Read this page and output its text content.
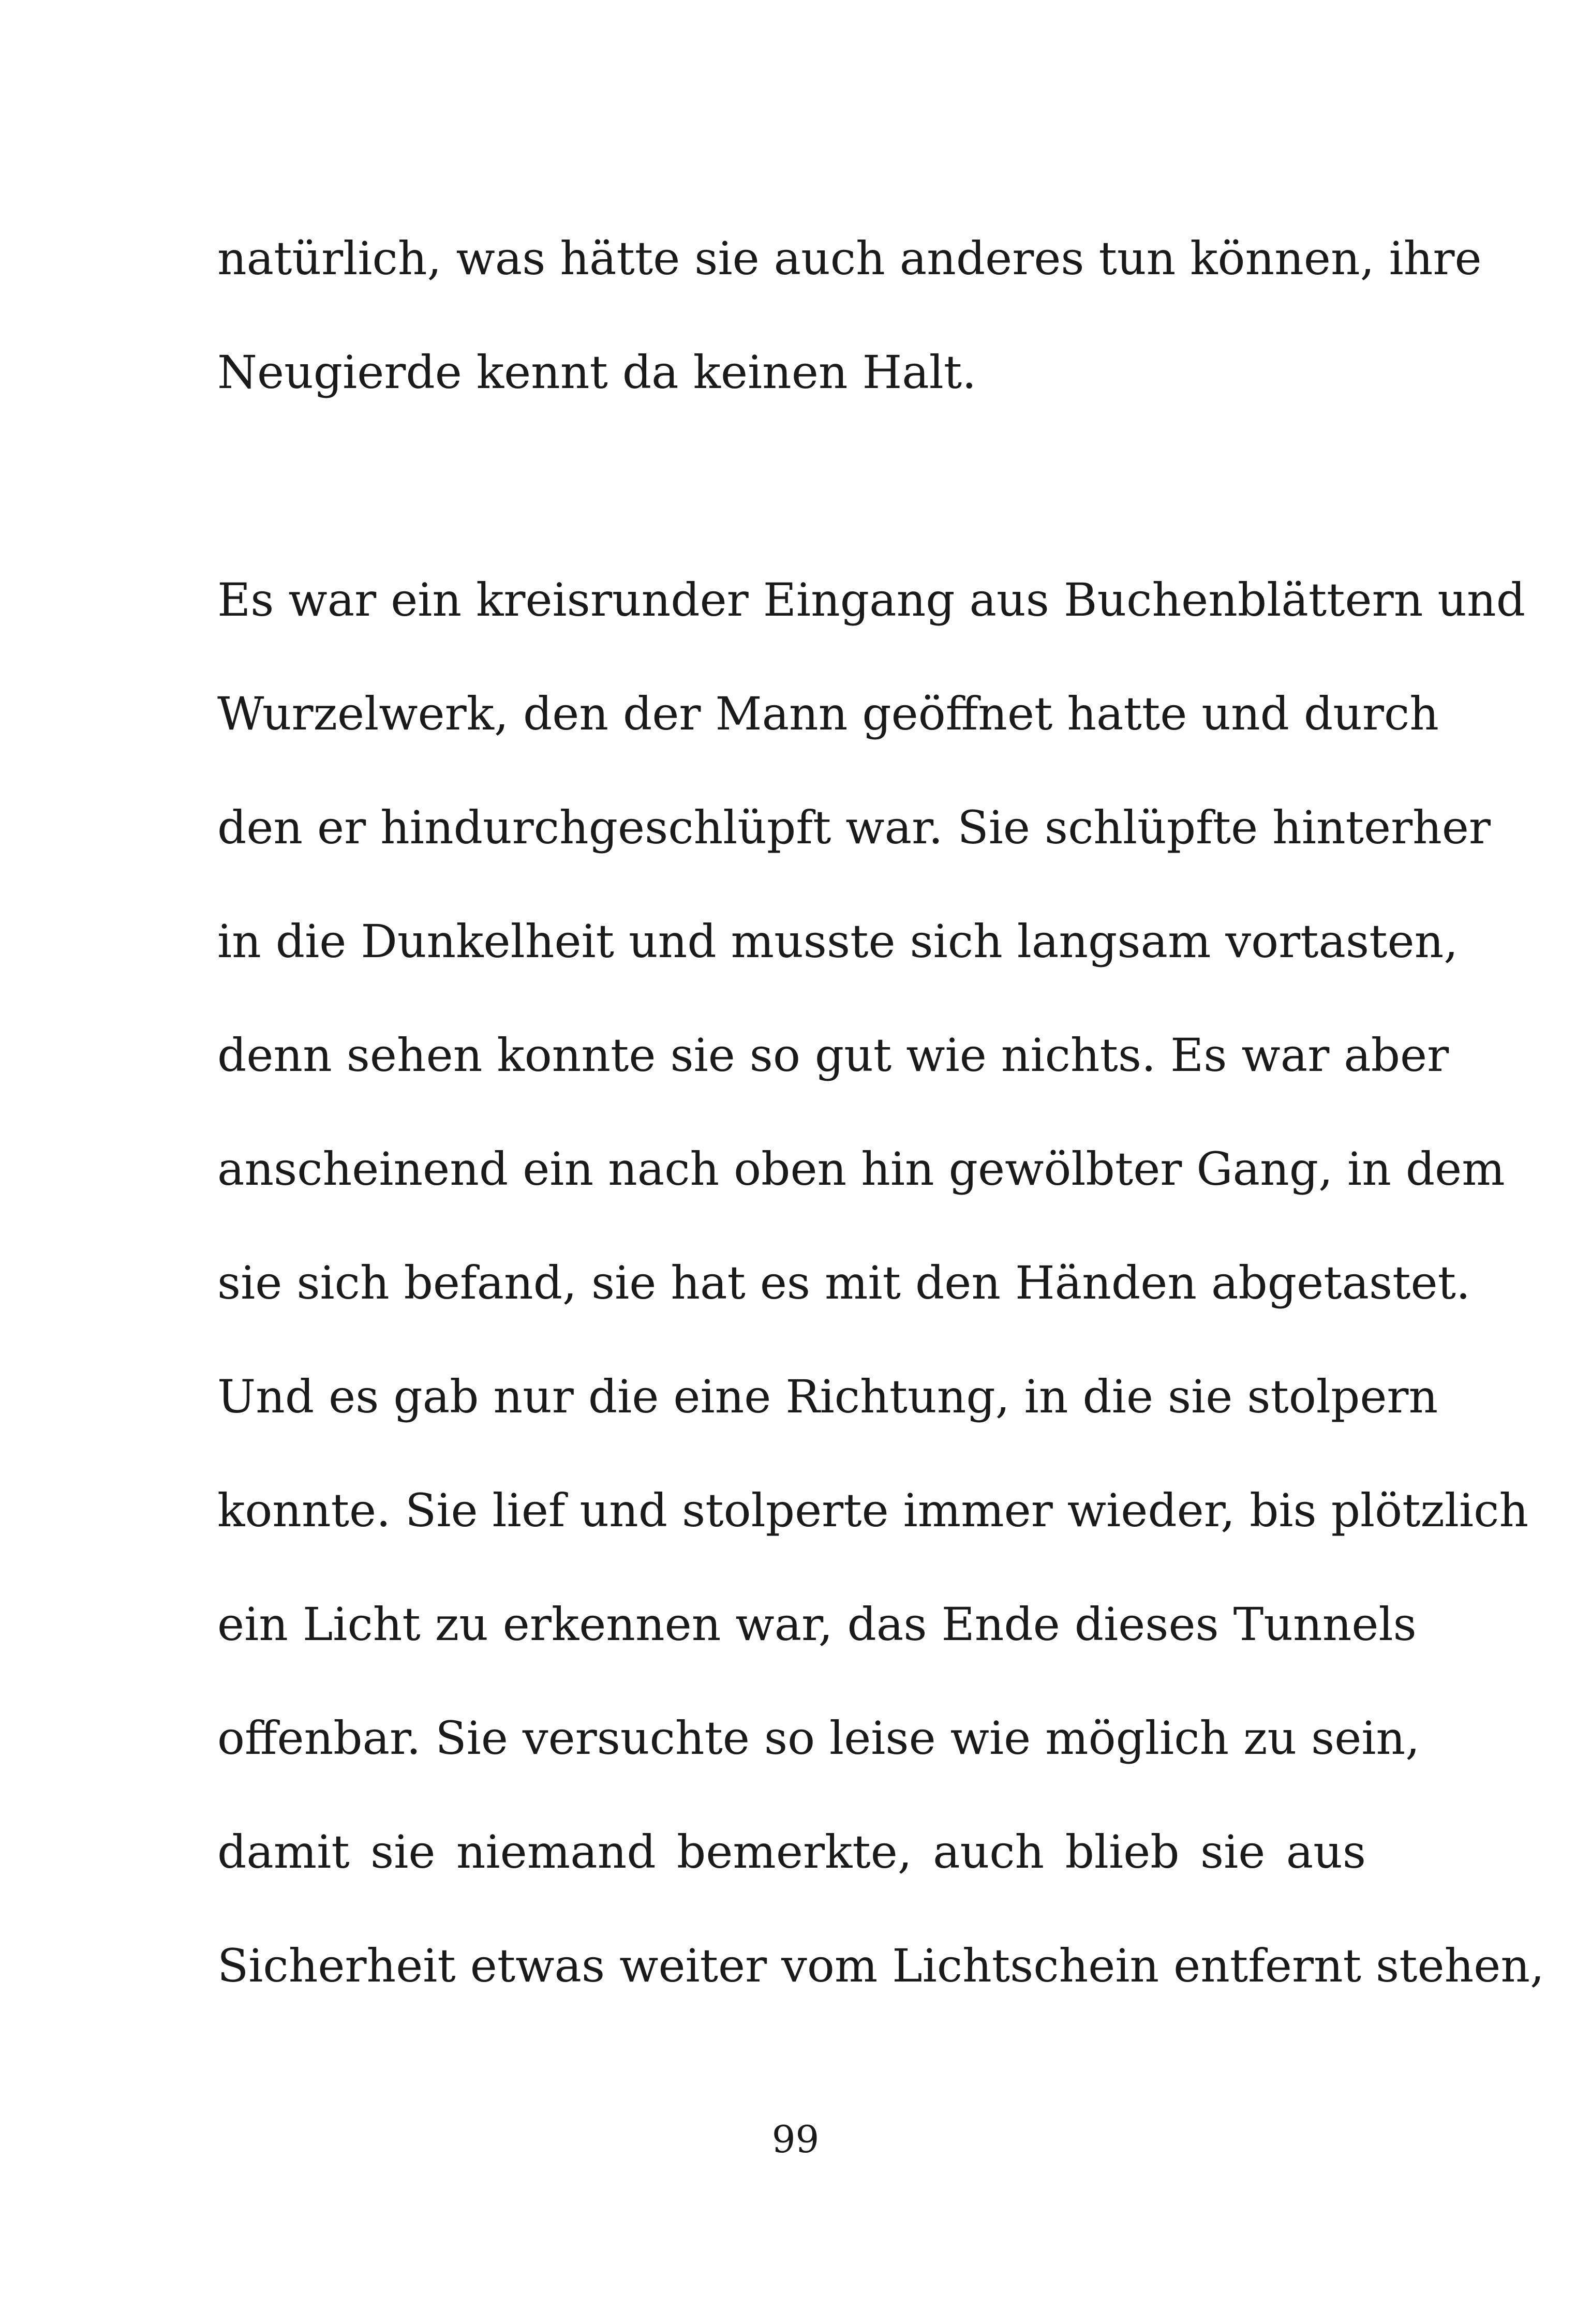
natürlich, was hätte sie auch anderes tun können, ihre
Neugierde kennt da keinen Halt.
Es war ein kreisrunder Eingang aus Buchenblättern und
Wurzelwerk, den der Mann geöffnet hatte und durch
den er hindurchgeschlüpft war. Sie schlüpfte hinterher
in die Dunkelheit und musste sich langsam vortasten,
denn sehen konnte sie so gut wie nichts. Es war aber
anscheinend ein nach oben hin gewölbter Gang, in dem
sie sich befand, sie hat es mit den Händen abgetastet.
Und es gab nur die eine Richtung, in die sie stolpern
konnte. Sie lief und stolperte immer wieder, bis plötzlich
ein Licht zu erkennen war, das Ende dieses Tunnels
offenbar. Sie versuchte so leise wie möglich zu sein,
damit sie niemand bemerkte, auch blieb sie aus
Sicherheit etwas weiter vom Lichtschein entfernt stehen,
99
